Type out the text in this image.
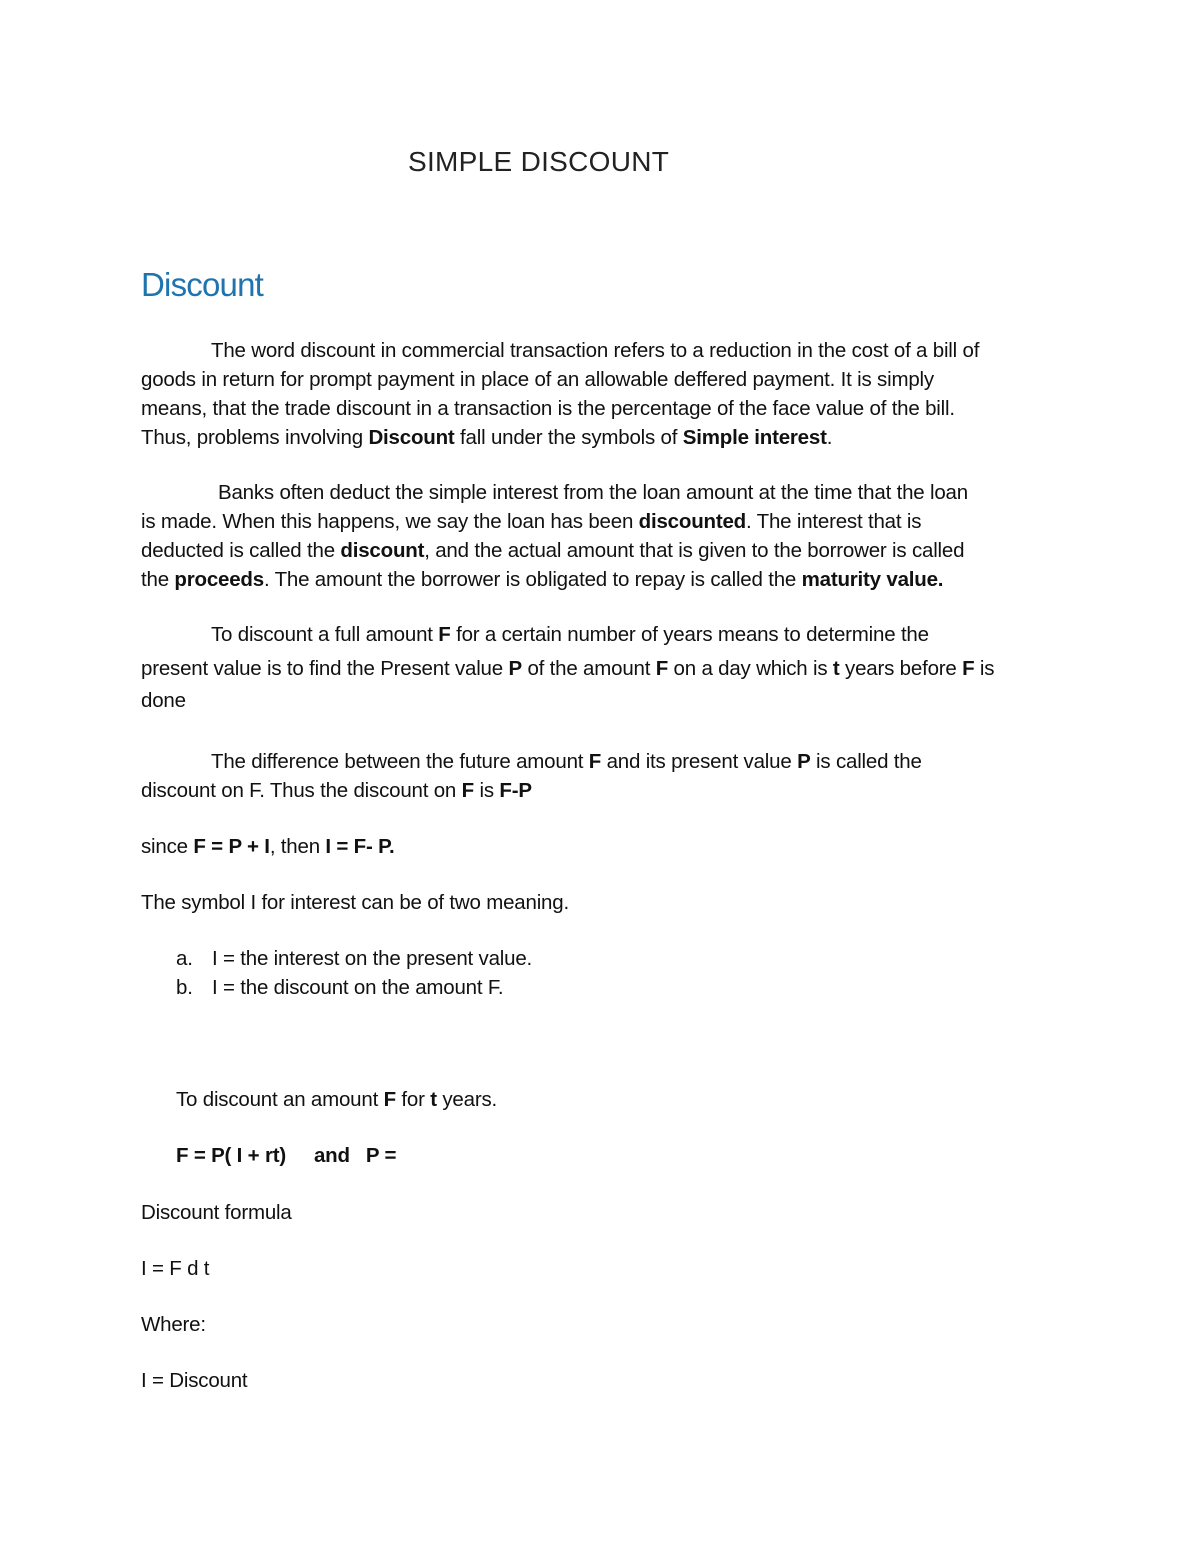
SIMPLE DISCOUNT
Discount
The word discount in commercial transaction refers to a reduction in the cost of a bill of
goods in return for prompt payment in place of an allowable deffered payment. It is simply
means, that the trade discount in a transaction is the percentage of the face value of the bill.
Thus, problems involving Discount fall under the symbols of Simple interest.
Banks often deduct the simple interest from the loan amount at the time that the loan
is made. When this happens, we say the loan has been discounted. The interest that is
deducted is called the discount, and the actual amount that is given to the borrower is called
the proceeds. The amount the borrower is obligated to repay is called the maturity value.
To discount a full amount F for a certain number of years means to determine the
present value is to find the Present value P of the amount F on a day which is t years before F is
done
The difference between the future amount F and its present value P is called the
discount on F. Thus the discount on F is F-P
since F = P + I, then I = F- P.
The symbol I for interest can be of two meaning.
a. I = the interest on the present value.
b. I = the discount on the amount F.
To discount an amount F for t years.
F = P( I + rt) and P =
Discount formula
I = F d t
Where:
I = Discount
